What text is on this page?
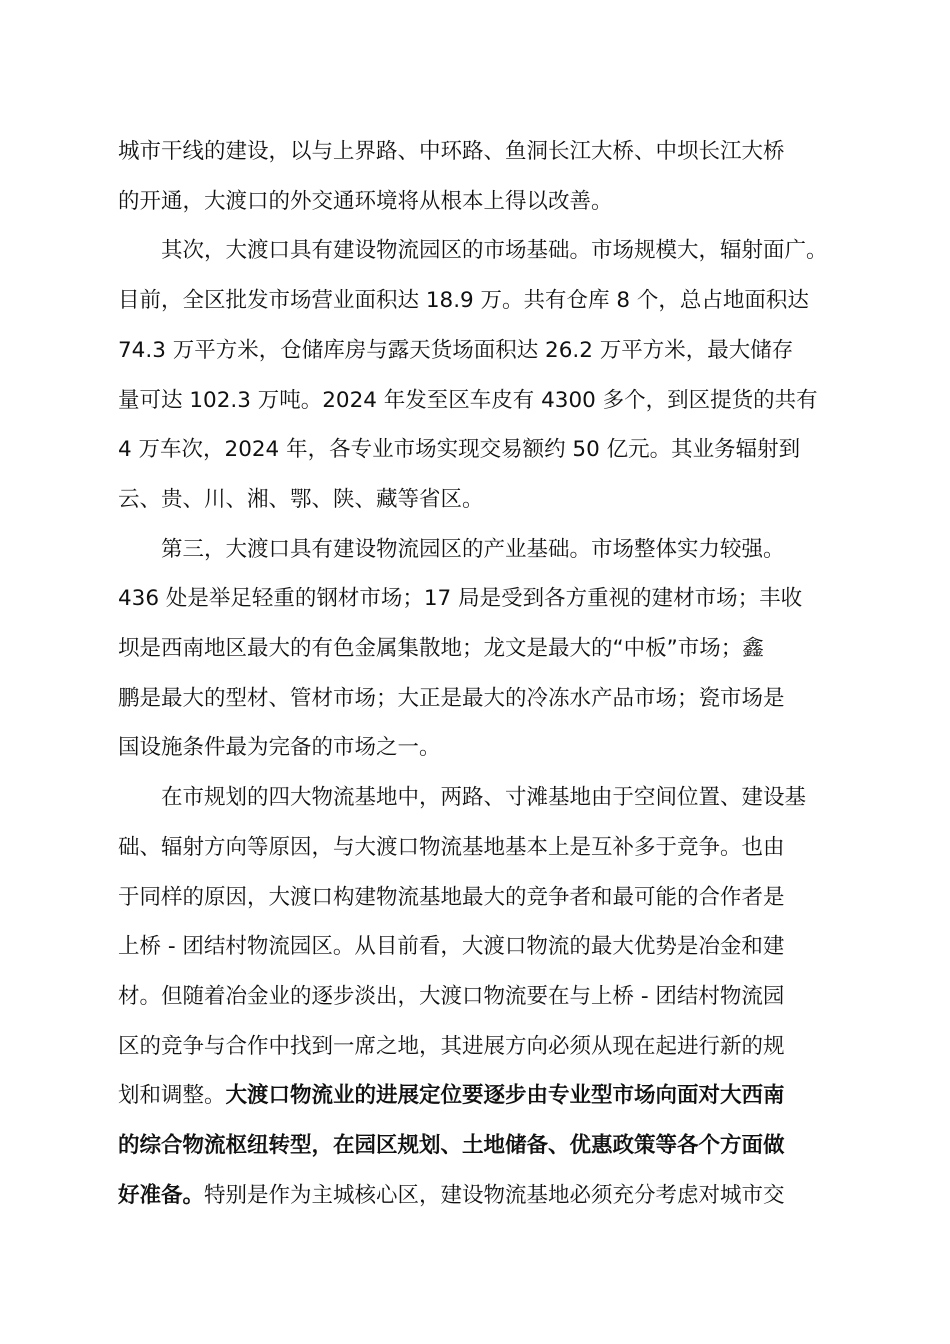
城市干线的建设，以与上界路、中环路、鱼洞长江大桥、中坝长江大桥
的开通，大渡口的外交通环境将从根本上得以改善。
其次，大渡口具有建设物流园区的市场基础。市场规模大，辐射面广。
目前，全区批发市场营业面积达 18.9 万。共有仓库 8 个，总占地面积达
74.3 万平方米，仓储库房与露天货场面积达 26.2 万平方米，最大储存
量可达 102.3 万吨。2024 年发至区车皮有 4300 多个，到区提货的共有
4 万车次，2024 年，各专业市场实现交易额约 50 亿元。其业务辐射到
云、贵、川、湘、鄂、陕、藏等省区。
第三，大渡口具有建设物流园区的产业基础。市场整体实力较强。
436 处是举足轻重的钢材市场；17 局是受到各方重视的建材市场；丰收
坝是西南地区最大的有色金属集散地；龙文是最大的“中板”市场；鑫
鹏是最大的型材、管材市场；大正是最大的冷冻水产品市场；瓷市场是
国设施条件最为完备的市场之一。
在市规划的四大物流基地中，两路、寸滩基地由于空间位置、建设基
础、辐射方向等原因，与大渡口物流基地基本上是互补多于竞争。也由
于同样的原因，大渡口构建物流基地最大的竞争者和最可能的合作者是
上桥 - 团结村物流园区。从目前看，大渡口物流的最大优势是冶金和建
材。但随着冶金业的逐步淡出，大渡口物流要在与上桥 - 团结村物流园
区的竞争与合作中找到一席之地，其进展方向必须从现在起进行新的规
划和调整。大渡口物流业的进展定位要逐步由专业型市场向面对大西南
的综合物流枢纽转型，在园区规划、土地储备、优惠政策等各个方面做
好准备。特别是作为主城核心区，建设物流基地必须充分考虑对城市交
